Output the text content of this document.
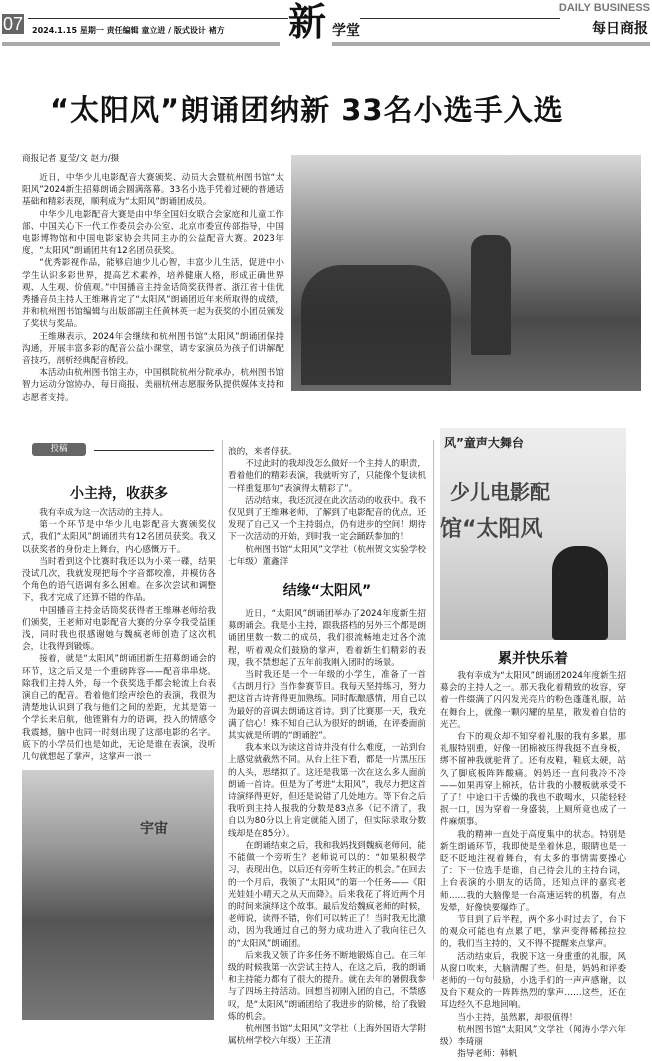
07 2024.1.15 星期一 责任编辑 童立进 / 版式设计 褚方 新 学堂
DAILY BUSINESS
每日商报
“太阳风”朗诵团纳新 33名小选手入选
商报记者 夏莹/文 赵力/摄

近日，中华少儿电影配音大赛颁奖、动员大会暨杭州图书馆“太阳风”2024新生招募朗诵会圆满落幕。33名小选手凭着过硬的普通话基础和精彩表现，顺利成为“太阳风”朗诵团成员。

中华少儿电影配音大赛是由中华全国妇女联合会家庭和儿童工作部、中国关心下一代工作委员会办公室、北京市委宣传部指导，中国电影博物馆和中国电影家协会共同主办的公益配音大赛。2023年度，“太阳风”朗诵团共有12名团员获奖。

“优秀影视作品，能够启迪少儿心智，丰富少儿生活，促进中小学生认识多彩世界，提高艺术素养，培养健康人格，形成正确世界观、人生观、价值观。”中国播音主持金话筒奖获得者、浙江省十佳优秀播音员主持人王维琳肯定了“太阳风”朗诵团近年来所取得的成绩，并和杭州图书馆编辑与出版部副主任黄林英一起为获奖的小团员颁发了奖状与奖品。

王维琳表示，2024年会继续和杭州图书馆“太阳风”朗诵团保持沟通，开展丰富多彩的配音公益小课堂，请专家演员为孩子们讲解配音技巧，剖析经典配音桥段。

本活动由杭州图书馆主办，中国棋院杭州分院承办，杭州图书馆智力运动分馆协办，每日商报、美丽杭州志愿服务队提供媒体支持和志愿者支持。

投稿
小主持，收获多

我有幸成为这一次活动的主持人。

第一个环节是中华少儿电影配音大赛颁奖仪式，我们“太阳风”朗诵团共有12名团员获奖。我又以获奖者的身份走上舞台，内心感慨万千。

当时看到这个比赛时我还以为小菜一碟，结果没试几次，我就发现把每个字音都咬准，并模仿各个角色的语气语调有多么困难。在多次尝试和调整下，我才完成了还算不错的作品。

中国播音主持金话筒奖获得者王维琳老师给我们颁奖，王老师对电影配音大赛的分享令我受益匪浅，同时我也很感谢她与魏疯老师创造了这次机会，让我得到锻炼。

接着，就是“太阳风”朗诵团新生招募朗诵会的环节，这之后又是一个重磅阵容——配音串串烧。除我们主持人外，每一个获奖选手都会轮流上台表演自己的配音。看着他们绘声绘色的表演，我很为清楚地认识到了我与他们之间的差距，尤其是第一个学长来启航，他铿锵有力的语调，投入的情感令我震撼，脑中也同一时刻出现了这部电影的名字。底下的小学员们也是如此，无论是谁在表演，没听几句就想起了掌声，这掌声一浪一

宇宙
浪的，来者俘获。

不过此时的我却没怎么做好一个主持人的职责，看着他们的精彩表演，我就听穷了，只能像个复读机一样重复那句“表演得太精彩了”。

活动结束，我还沉浸在此次活动的收获中。我不仅见到了王维琳老师，了解到了电影配音的优点，还发现了自己又一个主持弱点，仍有进步的空间！期待下一次活动的开始，到时我一定会踊跃参加的！

杭州图书馆“太阳风”文学社（杭州贺文实验学校七年级）董鑫洋

结缘“太阳风”

近日，“太阳风”朗诵团举办了2024年度新生招募朗诵会。我是小主持，跟我搭档的另外三个都是朗诵团里数一数二的成员，我们很流畅地走过各个流程，听着观众们鼓励的掌声，看着新生们精彩的表现，我不禁想起了五年前我刚入团时的场景。

当时我还是一个一年级的小学生，准备了一首《古朗月行》当作参赛节目。我每天坚持练习，努力把这首古诗背得更加熟练。同时酝酿感情，用自己以为最好的音调去朗诵这首诗。到了比赛那一天，我充满了信心！殊不知自己认为很好的朗诵，在评委面前其实就是所谓的“朗诵腔”。

我本来以为读这首诗并没有什么难度，一站到台上感觉就截然不同。从台上往下看，都是一片黑压压的人头，思绪拟了。这还是我第一次在这么多人面前朗诵一首诗。但是为了考进“太阳风”，我尽力把这首诗演绎得更好，但还是说错了几处地方。等下台之后我听到主持人报我的分数是83点多（记不清了，我自以为80分以上肯定就能入团了，但实际录取分数线却是在85分）。

在朗诵结束之后，我和我妈找到魏疯老师问，能不能做一个旁听生？老师说可以的：“如果积极学习，表现出色，以后还有旁听生转正的机会。”在回去的一个月后，我领了“太阳风”的第一个任务——《阳光娃娃小晴天之从天而降》。后来我花了将近两个月的时间来演绎这个故事。最后发给魏疯老师的时候，老师说，读得不错，你们可以转正了！当时我无比激动，因为我通过自己的努力成功进入了我向往已久的“太阳风”朗诵团。

后来我又领了许多任务不断地锻炼自己。在三年级的时候我第一次尝试主持人，在这之后，我的朗诵和主持能力都有了很大的提升。就在去年的暑假我参与了四场主持活动。回想当初刚入团的自己，不禁感叹，是“太阳风”朗诵团给了我进步的阶梯，给了我锻炼的机会。

杭州图书馆“太阳风”文学社（上海外国语大学附属杭州学校六年级）王芷清

风”童声大舞台
少儿电影配
馆“太阳风
累并快乐着

我有幸成为“太阳风”朗诵团2024年度新生招募会的主持人之一。那天我化着精致的妆容，穿着一件缀满了闪闪发光亮片的粉色蓬蓬礼服，站在舞台上，就像一颗闪耀的星星，散发着自信的光芒。

台下的观众却不知穿着礼服的我有多累，那礼服特别重，好像一团棉被压得我挺不直身板，绑不留神我就驼背了。还有皮鞋，鞋底太硬，站久了脚底板阵阵酸痛。妈妈还一直问我冷不冷——如果再穿上棉袄，估计我的小腰板就承受不了了！中途口干舌燥的我也不敢喝水，只能轻轻抿一口，因为穿着一身盛装，上厕所竟也成了一件麻烦事。

我的精神一直处于高度集中的状态。特别是新生朗诵环节，我即使是坐着休息，眼睛也是一眨不眨地注视着舞台，有太多的事情需要操心了：下一位选手是谁，自己待会儿的主持台词，上台表演的小朋友的话筒，还知点评的嘉宾老师……我的大脑像是一台高速运转的机器，有点发晕，好像快要爆炸了。

节目到了后半程，两个多小时过去了，台下的观众可能也有点累了吧，掌声变得稀稀拉拉的，我们当主持的，又不得不提醒来点掌声。

活动结束后，我脱下这一身重重的礼服，风从窗口吹来，大脑清醒了些。但是，妈妈和评委老师的一句句鼓励，小选手们的一声声感谢，以及台下观众的一阵阵热烈的掌声……这些，还在耳边经久不息地回响。

当小主持，虽然累，却很值得！

杭州图书馆“太阳风”文学社（闻涛小学六年级）李琦丽

指导老师：韩帆
